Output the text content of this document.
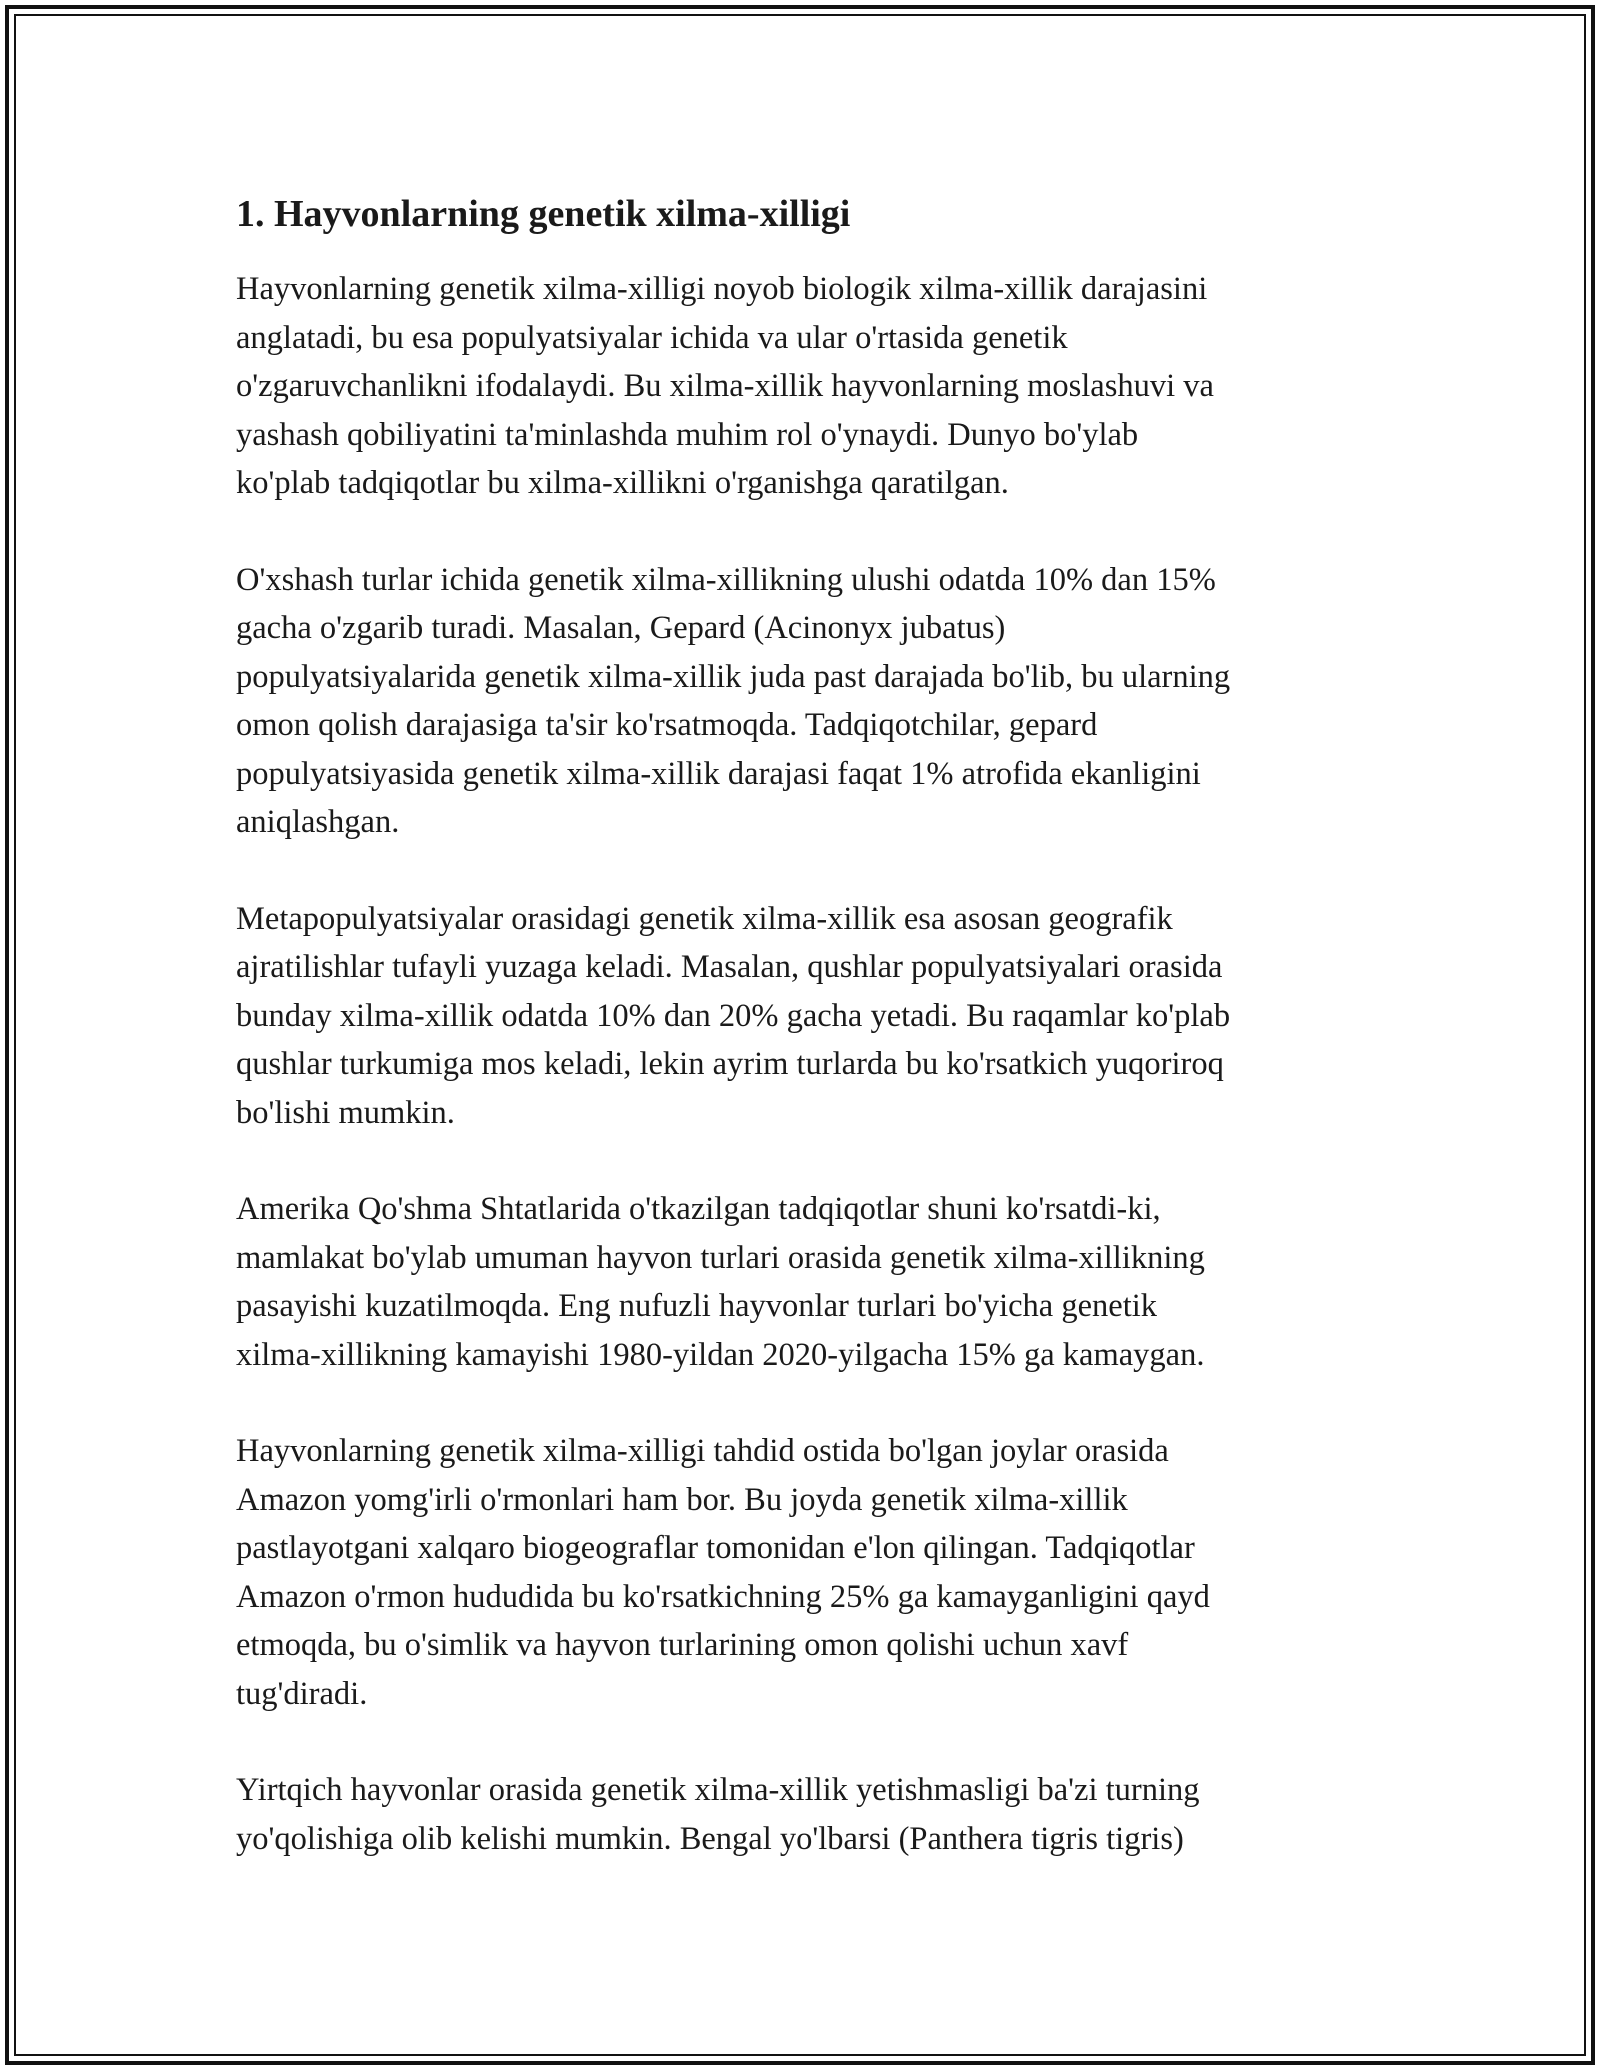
1. Hayvonlarning genetik xilma-xilligi

Hayvonlarning genetik xilma-xilligi noyob biologik xilma-xillik darajasini
anglatadi, bu esa populyatsiyalar ichida va ular o'rtasida genetik
o'zgaruvchanlikni ifodalaydi. Bu xilma-xillik hayvonlarning moslashuvi va
yashash qobiliyatini ta'minlashda muhim rol o'ynaydi. Dunyo bo'ylab
ko'plab tadqiqotlar bu xilma-xillikni o'rganishga qaratilgan.

O'xshash turlar ichida genetik xilma-xillikning ulushi odatda 10% dan 15%
gacha o'zgarib turadi. Masalan, Gepard (Acinonyx jubatus)
populyatsiyalarida genetik xilma-xillik juda past darajada bo'lib, bu ularning
omon qolish darajasiga ta'sir ko'rsatmoqda. Tadqiqotchilar, gepard
populyatsiyasida genetik xilma-xillik darajasi faqat 1% atrofida ekanligini
aniqlashgan.

Metapopulyatsiyalar orasidagi genetik xilma-xillik esa asosan geografik
ajratilishlar tufayli yuzaga keladi. Masalan, qushlar populyatsiyalari orasida
bunday xilma-xillik odatda 10% dan 20% gacha yetadi. Bu raqamlar ko'plab
qushlar turkumiga mos keladi, lekin ayrim turlarda bu ko'rsatkich yuqoriroq
bo'lishi mumkin.

Amerika Qo'shma Shtatlarida o'tkazilgan tadqiqotlar shuni ko'rsatdi-ki,
mamlakat bo'ylab umuman hayvon turlari orasida genetik xilma-xillikning
pasayishi kuzatilmoqda. Eng nufuzli hayvonlar turlari bo'yicha genetik
xilma-xillikning kamayishi 1980-yildan 2020-yilgacha 15% ga kamaygan.

Hayvonlarning genetik xilma-xilligi tahdid ostida bo'lgan joylar orasida
Amazon yomg'irli o'rmonlari ham bor. Bu joyda genetik xilma-xillik
pastlayotgani xalqaro biogeograflar tomonidan e'lon qilingan. Tadqiqotlar
Amazon o'rmon hududida bu ko'rsatkichning 25% ga kamayganligini qayd
etmoqda, bu o'simlik va hayvon turlarining omon qolishi uchun xavf
tug'diradi.

Yirtqich hayvonlar orasida genetik xilma-xillik yetishmasligi ba'zi turning
yo'qolishiga olib kelishi mumkin. Bengal yo'lbarsi (Panthera tigris tigris)
